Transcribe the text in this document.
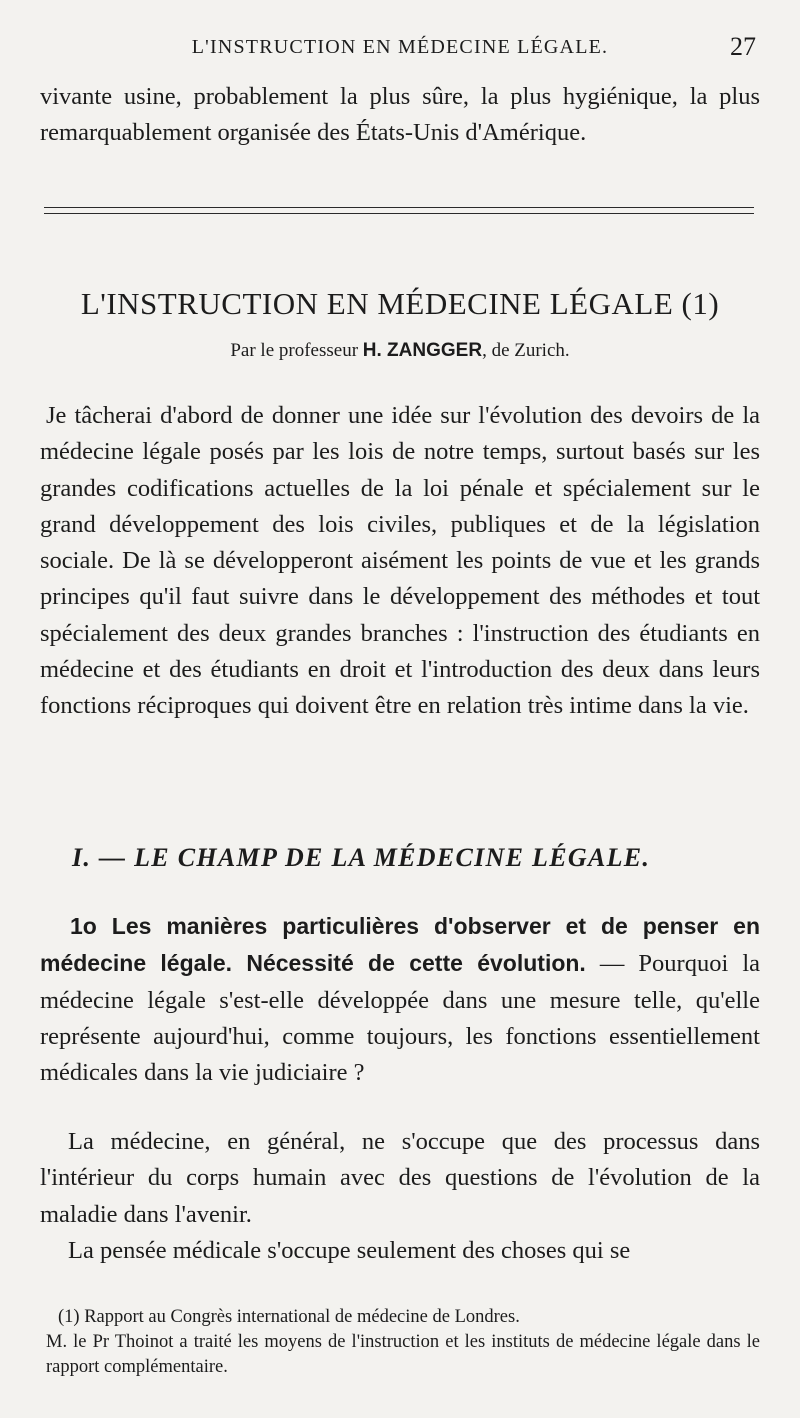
L'INSTRUCTION EN MÉDECINE LÉGALE.	27

vivante usine, probablement la plus sûre, la plus hygiénique, la plus remarquablement organisée des États-Unis d'Amérique.

L'INSTRUCTION EN MÉDECINE LÉGALE (1)
Par le professeur H. ZANGGER, de Zurich.

Je tâcherai d'abord de donner une idée sur l'évolution des devoirs de la médecine légale posés par les lois de notre temps, surtout basés sur les grandes codifications actuelles de la loi pénale et spécialement sur le grand développement des lois civiles, publiques et de la législation sociale. De là se développeront aisément les points de vue et les grands principes qu'il faut suivre dans le développement des méthodes et tout spécialement des deux grandes branches : l'instruction des étudiants en médecine et des étudiants en droit et l'introduction des deux dans leurs fonctions réciproques qui doivent être en relation très intime dans la vie.

I. — LE CHAMP DE LA MÉDECINE LÉGALE.

1o Les manières particulières d'observer et de penser en médecine légale. Nécessité de cette évolution. — Pourquoi la médecine légale s'est-elle développée dans une mesure telle, qu'elle représente aujourd'hui, comme toujours, les fonctions essentiellement médicales dans la vie judiciaire ?

La médecine, en général, ne s'occupe que des processus dans l'intérieur du corps humain avec des questions de l'évolution de la maladie dans l'avenir.

La pensée médicale s'occupe seulement des choses qui se

(1) Rapport au Congrès international de médecine de Londres.

M. le Pr Thoinot a traité les moyens de l'instruction et les instituts de médecine légale dans le rapport complémentaire.
